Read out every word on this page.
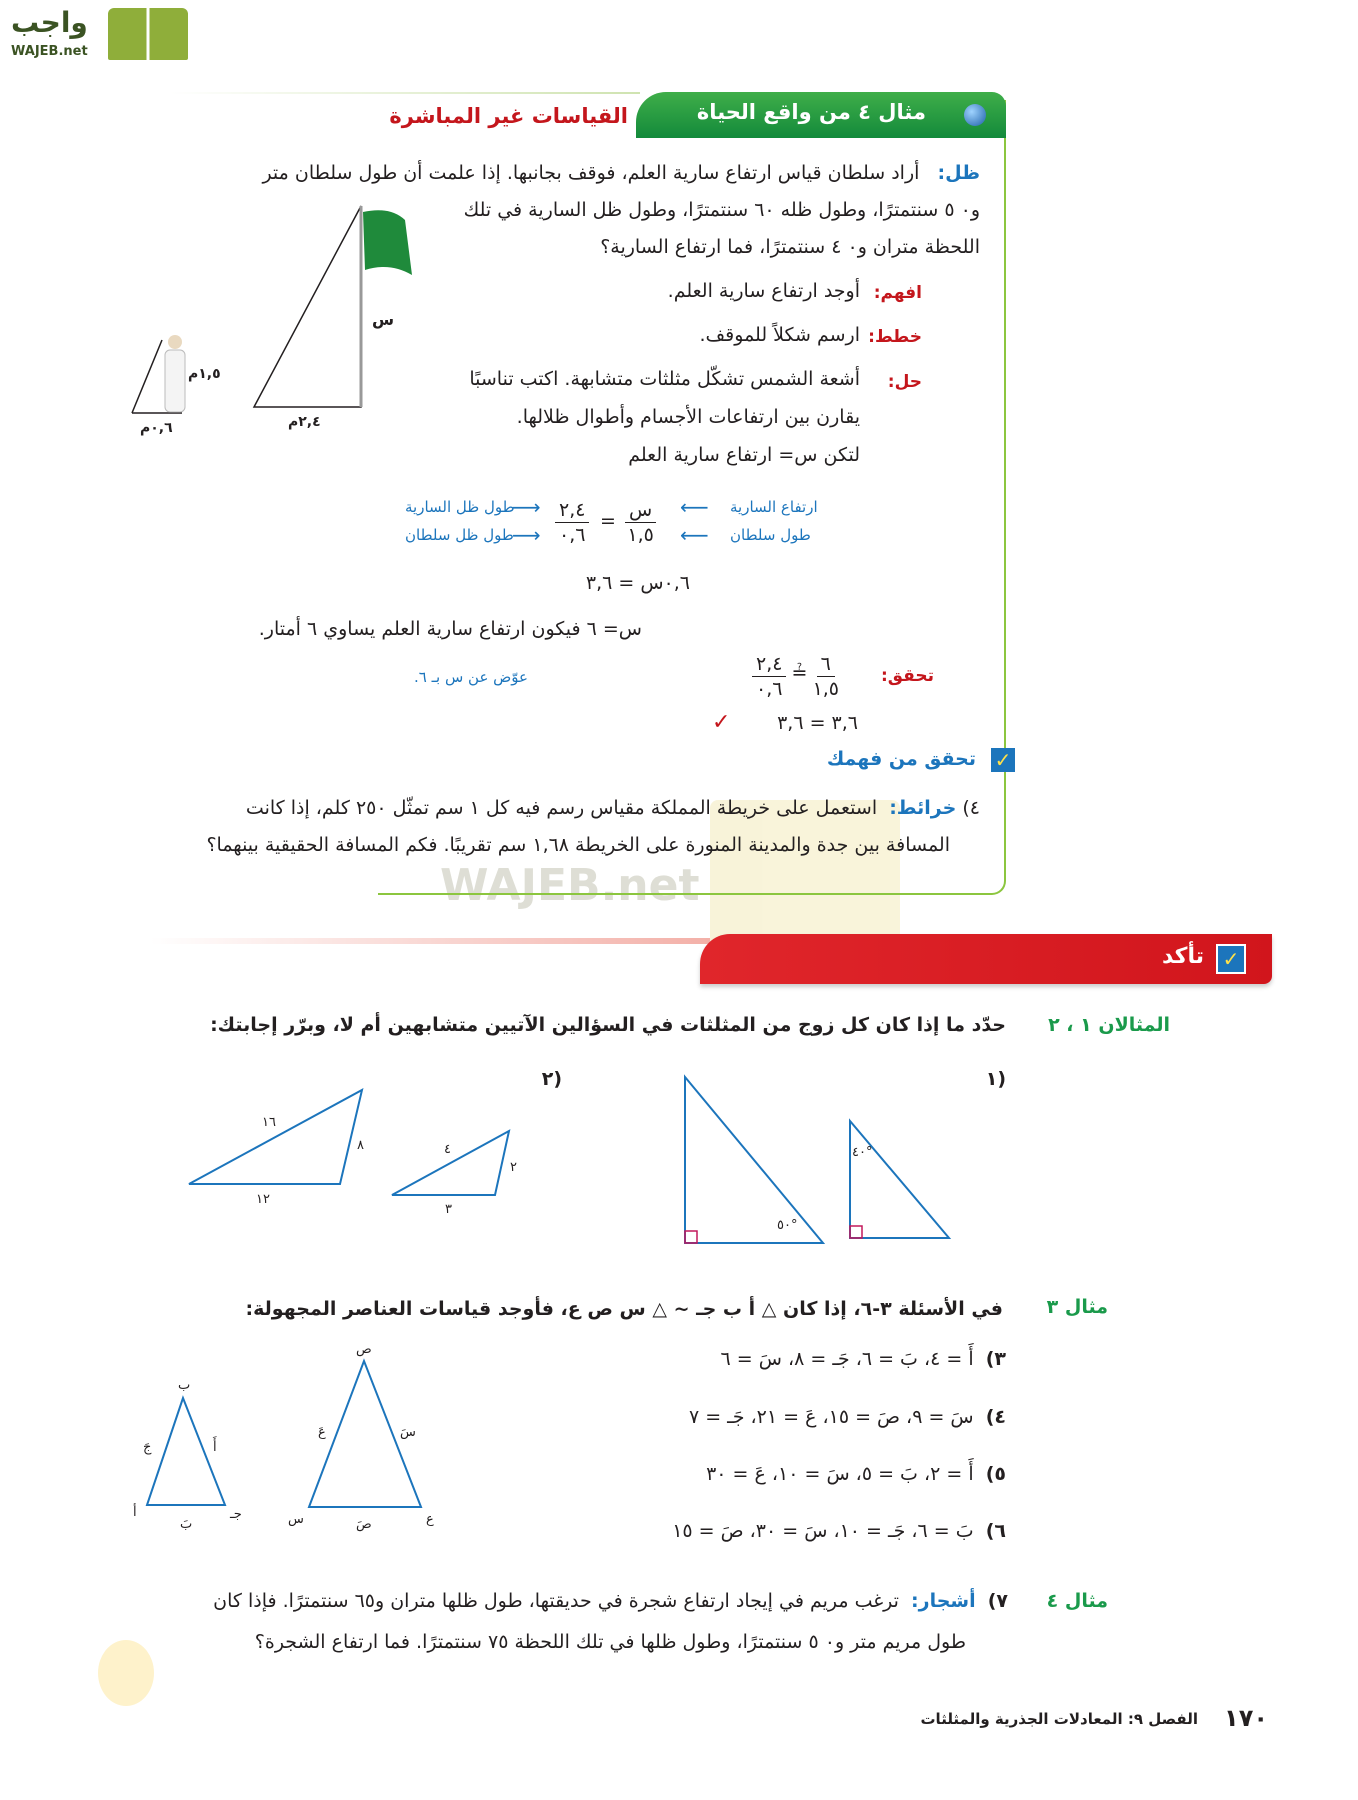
واجب
WAJEB.net
WAJEB.net
مثال ٤ من واقع الحياة
القياسات غير المباشرة
ظل:   أراد سلطان قياس ارتفاع سارية العلم، فوقف بجانبها. إذا علمت أن طول سلطان متر
و٠ ٥ سنتمترًا، وطول ظله ٦٠ سنتمترًا، وطول ظل السارية في تلك
اللحظة متران و٠ ٤ سنتمترًا، فما ارتفاع السارية؟
افهم:
أوجد ارتفاع سارية العلم.
خطط:
ارسم شكلاً للموقف.
حل:
أشعة الشمس تشكّل مثلثات متشابهة. اكتب تناسبًا
يقارن بين ارتفاعات الأجسام وأطوال ظلالها.
لتكن س= ارتفاع سارية العلم
س
٢,٤م
١,٥م
٠,٦م
طول ظل السارية
طول ظل سلطان
⟶
⟶
٢,٤
٠,٦
= س
١,٥
⟵
⟵
ارتفاع السارية
طول سلطان
٠,٦س = ٣,٦
س= ٦ فيكون ارتفاع سارية العلم يساوي ٦ أمتار.
تحقق:
$\frac{٢,٤}{٠,٦}$ ≟ $\frac{٦}{١,٥}$
عوّض عن س بـ ٦.
٣,٦ = ٣,٦
✓
✓
تحقق من فهمك
٤) خرائط:  استعمل على خريطة المملكة مقياس رسم فيه كل ١ سم تمثّل ٢٥٠ كلم، إذا كانت
المسافة بين جدة والمدينة المنورة على الخريطة ١,٦٨ سم تقريبًا. فكم المسافة الحقيقية بينهما؟
✓
تأكد
المثالان ١ ، ٢
حدّد ما إذا كان كل زوج من المثلثات في السؤالين الآتيين متشابهين أم لا، وبرّر إجابتك:
(١
(٢
٥٠°
٤٠°
١٦
٨
١٢
٤
٢
٣
مثال ٣
في الأسئلة ٣-٦، إذا كان △ أ ب جـ ~ △ س ص ع، فأوجد قياسات العناصر المجهولة:
٣)  أَ = ٤، بَ = ٦، جَـ = ٨، سَ = ٦
٤)  سَ = ٩، صَ = ١٥، عَ = ٢١، جَـ = ٧
٥)  أَ = ٢، بَ = ٥، سَ = ١٠، عَ = ٣٠
٦)  بَ = ٦، جَـ = ١٠، سَ = ٣٠، صَ = ١٥
ب
أ	جـ
جَ	أَ
بَ
ص
س	ع
عَ	سَ
صَ
مثال ٤
٧)  أشجار:  ترغب مريم في إيجاد ارتفاع شجرة في حديقتها، طول ظلها متران و٦٥ سنتمترًا. فإذا كان
طول مريم متر و٠ ٥ سنتمترًا، وطول ظلها في تلك اللحظة ٧٥ سنتمترًا. فما ارتفاع الشجرة؟
١٧٠
الفصل ٩: المعادلات الجذرية والمثلثات
